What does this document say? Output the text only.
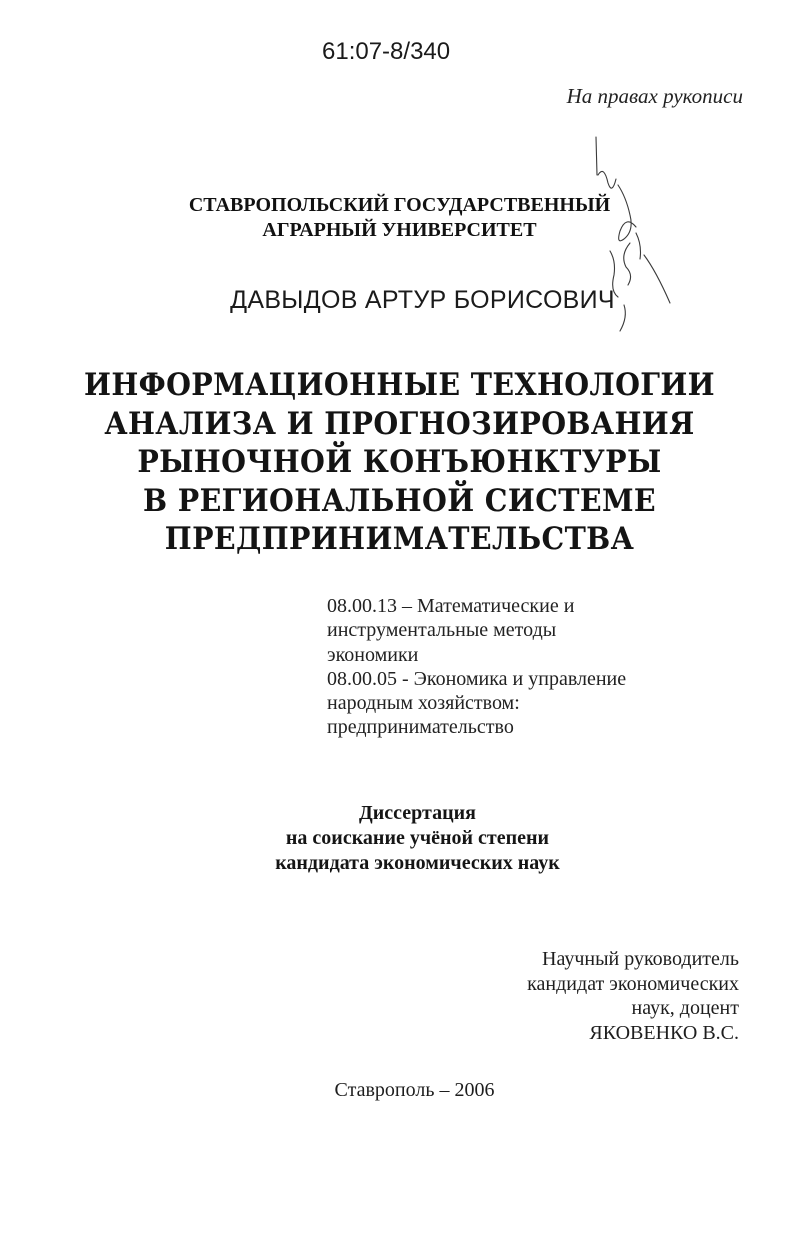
61:07-8/340
На правах рукописи
СТАВРОПОЛЬСКИЙ ГОСУДАРСТВЕННЫЙ
АГРАРНЫЙ УНИВЕРСИТЕТ
ДАВЫДОВ АРТУР БОРИСОВИЧ
ИНФОРМАЦИОННЫЕ ТЕХНОЛОГИИ
АНАЛИЗА И ПРОГНОЗИРОВАНИЯ
РЫНОЧНОЙ КОНЪЮНКТУРЫ
В РЕГИОНАЛЬНОЙ СИСТЕМЕ
ПРЕДПРИНИМАТЕЛЬСТВА
08.00.13 – Математические и
инструментальные методы
экономики
08.00.05 - Экономика и управление
народным хозяйством:
предпринимательство
Диссертация
на соискание учёной степени
кандидата экономических наук
Научный руководитель
кандидат экономических
наук, доцент
ЯКОВЕНКО В.С.
Ставрополь – 2006
